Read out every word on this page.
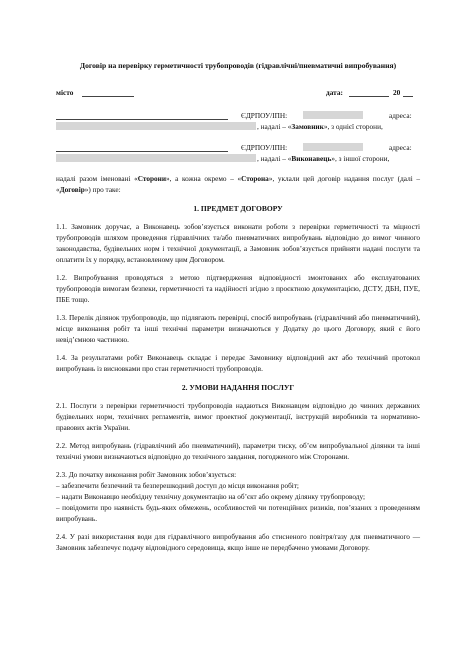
Договір на перевірку герметичності трубопроводів (гідравлічні/пневматичні випробування)
місто	дата:	20
ЄДРПОУ/ІПН:	адреса:
, надалі – «Замовник», з однієї сторони,
ЄДРПОУ/ІПН:	адреса:
, надалі – «Виконавець», з іншої сторони,

надалі разом іменовані «Сторони», а кожна окремо – «Сторона», уклали цей договір надання послуг (далі – «Договір») про таке:

1. ПРЕДМЕТ ДОГОВОРУ

1.1. Замовник доручає, а Виконавець зобов’язується виконати роботи з перевірки герметичності та міцності трубопроводів шляхом проведення гідравлічних та/або пневматичних випробувань відповідно до вимог чинного законодавства, будівельних норм і технічної документації, а Замовник зобов’язується прийняти надані послуги та оплатити їх у порядку, встановленому цим Договором.

1.2. Випробування проводяться з метою підтвердження відповідності змонтованих або експлуатованих трубопроводів вимогам безпеки, герметичності та надійності згідно з проєктною документацією, ДСТУ, ДБН, ПУЕ, ПБЕ тощо.

1.3. Перелік ділянок трубопроводів, що підлягають перевірці, спосіб випробувань (гідравлічний або пневматичний), місце виконання робіт та інші технічні параметри визначаються у Додатку до цього Договору, який є його невід’ємною частиною.

1.4. За результатами робіт Виконавець складає і передає Замовнику відповідний акт або технічний протокол випробувань із висновками про стан герметичності трубопроводів.

2. УМОВИ НАДАННЯ ПОСЛУГ

2.1. Послуги з перевірки герметичності трубопроводів надаються Виконавцем відповідно до чинних державних будівельних норм, технічних регламентів, вимог проектної документації, інструкцій виробників та нормативно-правових актів України.

2.2. Метод випробувань (гідравлічний або пневматичний), параметри тиску, об’єм випробувальної ділянки та інші технічні умови визначаються відповідно до технічного завдання, погодженого між Сторонами.

2.3. До початку виконання робіт Замовник зобов’язується:
– забезпечити безпечний та безперешкодний доступ до місця виконання робіт;
– надати Виконавцю необхідну технічну документацію на об’єкт або окрему ділянку трубопроводу;
– повідомити про наявність будь-яких обмежень, особливостей чи потенційних ризиків, пов’язаних з проведенням випробувань.

2.4. У разі використання води для гідравлічного випробування або стисненого повітря/газу для пневматичного — Замовник забезпечує подачу відповідного середовища, якщо інше не передбачено умовами Договору.
